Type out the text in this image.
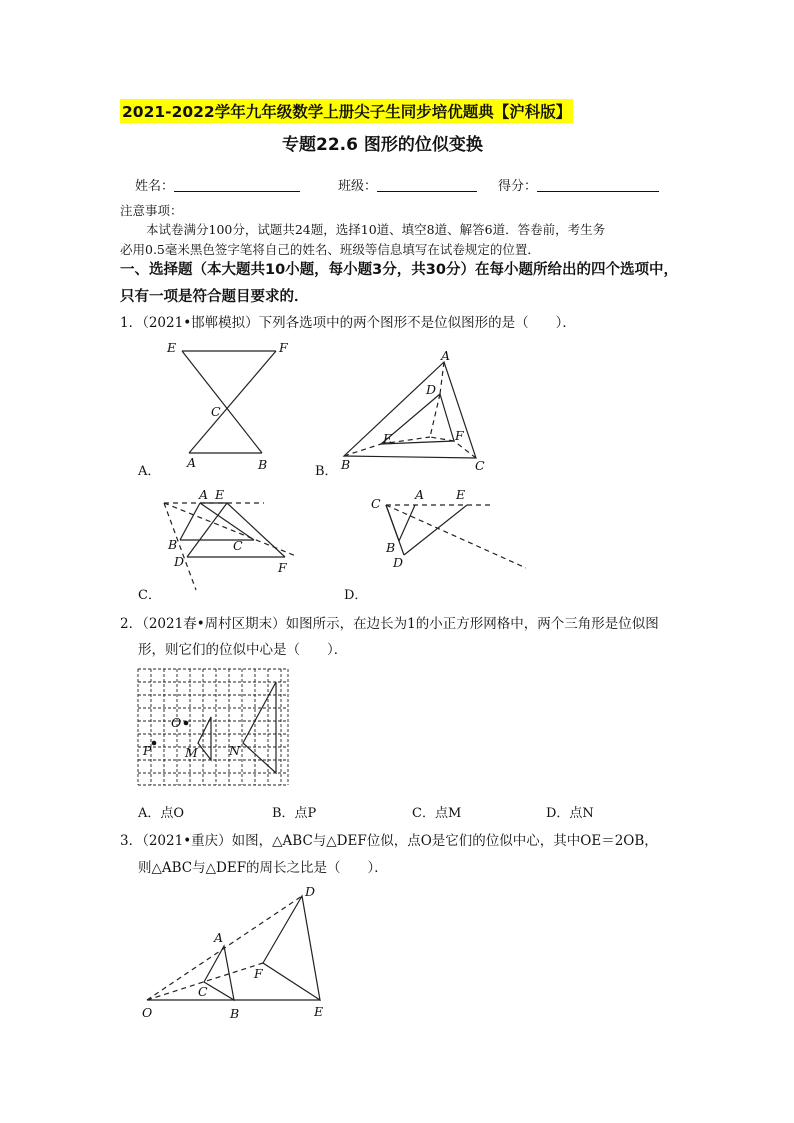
2021-2022学年九年级数学上册尖子生同步培优题典【沪科版】
专题22.6 图形的位似变换
姓名：	班级：	得分：
注意事项：
本试卷满分100分，试题共24题，选择10道、填空8道、解答6道．答卷前，考生务
必用0.5毫米黑色签字笔将自己的姓名、班级等信息填写在试卷规定的位置．
一、选择题（本大题共10小题，每小题3分，共30分）在每小题所给出的四个选项中，
只有一项是符合题目要求的．
1．（2021•邯郸模拟）下列各选项中的两个图形不是位似图形的是（　　）．
E	F
C
A	B
A
D
E	F
B	C
A E
B	C
D	F
C
A	E
B
D
O
P	M N
D
A
F
C
O	B	E
A．	B．
C．	D．
2．（2021春•周村区期末）如图所示，在边长为1的小正方形网格中，两个三角形是位似图
形，则它们的位似中心是（　　）．
A．点O	B．点P	C．点M	D．点N
3．（2021•重庆）如图，△ABC与△DEF位似，点O是它们的位似中心，其中OE＝2OB，
则△ABC与△DEF的周长之比是（　　）．
